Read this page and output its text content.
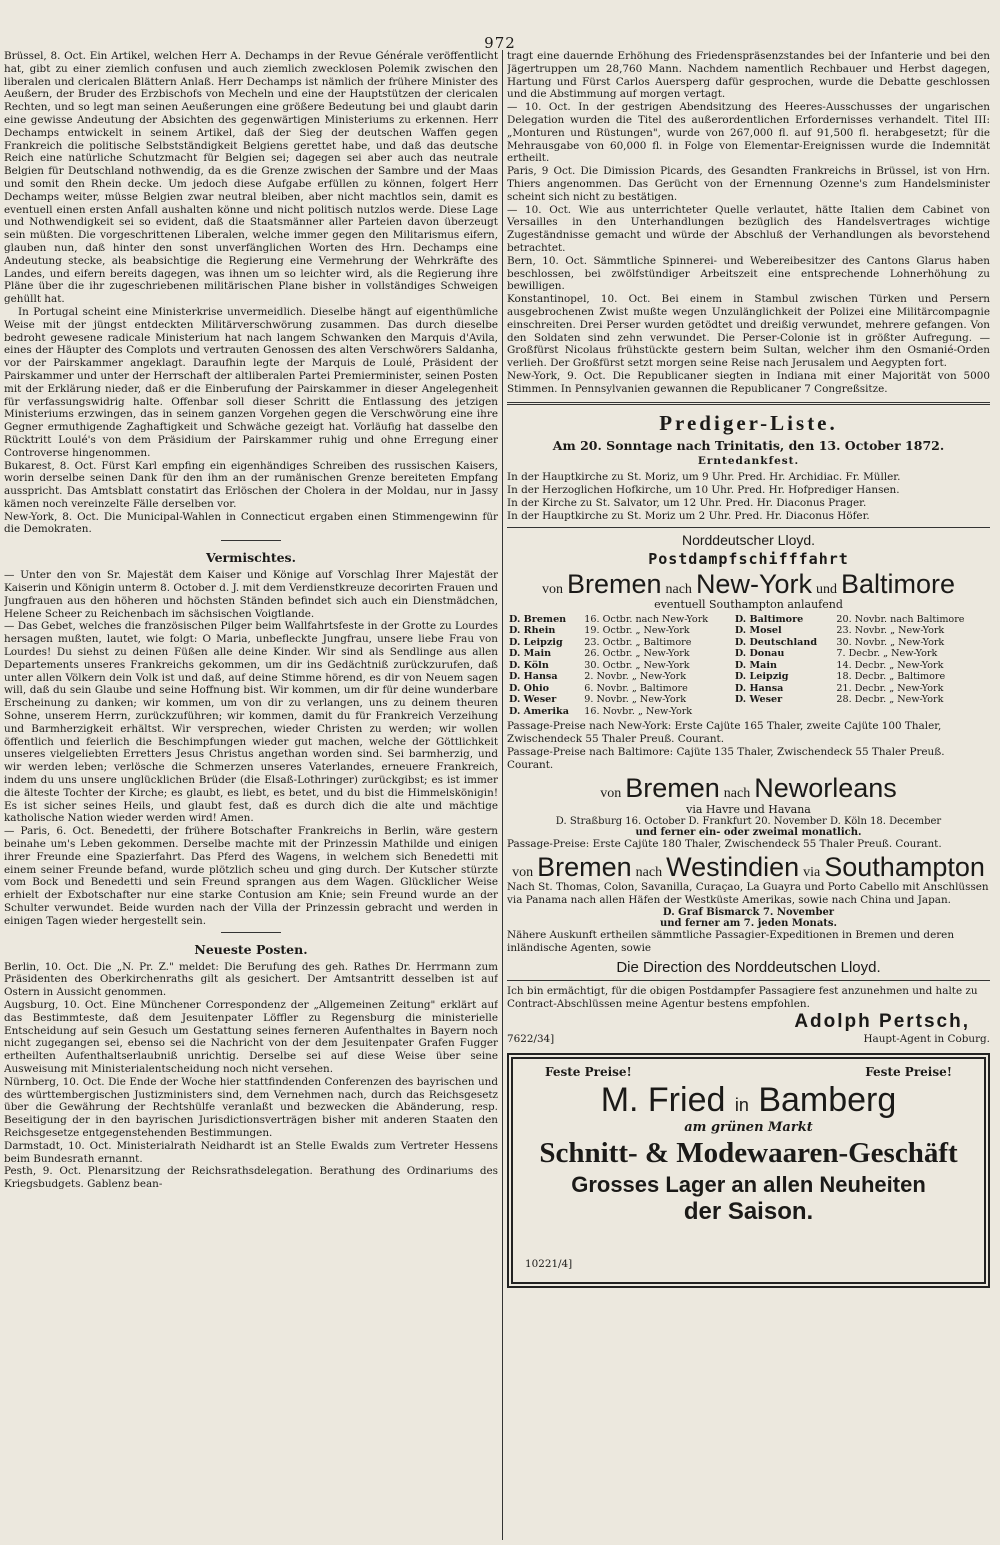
972

Brüssel, 8. Oct. Ein Artikel, welchen Herr A. Dechamps in der Revue Générale veröffentlicht hat, gibt zu einer ziemlich confusen und auch ziemlich zwecklosen Polemik zwischen den liberalen und clericalen Blättern Anlaß. Herr Dechamps ist nämlich der frühere Minister des Aeußern, der Bruder des Erzbischofs von Mecheln und eine der Hauptstützen der clericalen Rechten, und so legt man seinen Aeußerungen eine größere Bedeutung bei und glaubt darin eine gewisse Andeutung der Absichten des gegenwärtigen Ministeriums zu erkennen. Herr Dechamps entwickelt in seinem Artikel, daß der Sieg der deutschen Waffen gegen Frankreich die politische Selbstständigkeit Belgiens gerettet habe, und daß das deutsche Reich eine natürliche Schutzmacht für Belgien sei; dagegen sei aber auch das neutrale Belgien für Deutschland nothwendig, da es die Grenze zwischen der Sambre und der Maas und somit den Rhein decke. Um jedoch diese Aufgabe erfüllen zu können, folgert Herr Dechamps weiter, müsse Belgien zwar neutral bleiben, aber nicht machtlos sein, damit es eventuell einen ersten Anfall aushalten könne und nicht politisch nutzlos werde. Diese Lage und Nothwendigkeit sei so evident, daß die Staatsmänner aller Parteien davon überzeugt sein müßten. Die vorgeschrittenen Liberalen, welche immer gegen den Militarismus eifern, glauben nun, daß hinter den sonst unverfänglichen Worten des Hrn. Dechamps eine Andeutung stecke, als beabsichtige die Regierung eine Vermehrung der Wehrkräfte des Landes, und eifern bereits dagegen, was ihnen um so leichter wird, als die Regierung ihre Pläne über die ihr zugeschriebenen militärischen Plane bisher in vollständiges Schweigen gehüllt hat.

In Portugal scheint eine Ministerkrise unvermeidlich. Dieselbe hängt auf eigenthümliche Weise mit der jüngst entdeckten Militärverschwörung zusammen. Das durch dieselbe bedroht gewesene radicale Ministerium hat nach langem Schwanken den Marquis d'Avila, eines der Häupter des Complots und vertrauten Genossen des alten Verschwörers Saldanha, vor der Pairskammer angeklagt. Daraufhin legte der Marquis de Loulé, Präsident der Pairskammer und unter der Herrschaft der altliberalen Partei Premierminister, seinen Posten mit der Erklärung nieder, daß er die Einberufung der Pairskammer in dieser Angelegenheit für verfassungswidrig halte. Offenbar soll dieser Schritt die Entlassung des jetzigen Ministeriums erzwingen, das in seinem ganzen Vorgehen gegen die Verschwörung eine ihre Gegner ermuthigende Zaghaftigkeit und Schwäche gezeigt hat. Vorläufig hat dasselbe den Rücktritt Loulé's von dem Präsidium der Pairskammer ruhig und ohne Erregung einer Controverse hingenommen.

Bukarest, 8. Oct. Fürst Karl empfing ein eigenhändiges Schreiben des russischen Kaisers, worin derselbe seinen Dank für den ihm an der rumänischen Grenze bereiteten Empfang ausspricht. Das Amtsblatt constatirt das Erlöschen der Cholera in der Moldau, nur in Jassy kämen noch vereinzelte Fälle derselben vor.

New-York, 8. Oct. Die Municipal-Wahlen in Connecticut ergaben einen Stimmengewinn für die Demokraten.

Vermischtes.

— Unter den von Sr. Majestät dem Kaiser und Könige auf Vorschlag Ihrer Majestät der Kaiserin und Königin unterm 8. October d. J. mit dem Verdienstkreuze decorirten Frauen und Jungfrauen aus den höheren und höchsten Ständen befindet sich auch ein Dienstmädchen, Helene Scheer zu Reichenbach im sächsischen Voigtlande.

— Das Gebet, welches die französischen Pilger beim Wallfahrtsfeste in der Grotte zu Lourdes hersagen mußten, lautet, wie folgt: O Maria, unbefleckte Jungfrau, unsere liebe Frau von Lourdes! Du siehst zu deinen Füßen alle deine Kinder. Wir sind als Sendlinge aus allen Departements unseres Frankreichs gekommen, um dir ins Gedächtniß zurückzurufen, daß unter allen Völkern dein Volk ist und daß, auf deine Stimme hörend, es dir von Neuem sagen will, daß du sein Glaube und seine Hoffnung bist. Wir kommen, um dir für deine wunderbare Erscheinung zu danken; wir kommen, um von dir zu verlangen, uns zu deinem theuren Sohne, unserem Herrn, zurückzuführen; wir kommen, damit du für Frankreich Verzeihung und Barmherzigkeit erhältst. Wir versprechen, wieder Christen zu werden; wir wollen öffentlich und feierlich die Beschimpfungen wieder gut machen, welche der Göttlichkeit unseres vielgeliebten Erretters Jesus Christus angethan worden sind. Sei barmherzig, und wir werden leben; verlösche die Schmerzen unseres Vaterlandes, erneuere Frankreich, indem du uns unsere unglücklichen Brüder (die Elsaß-Lothringer) zurückgibst; es ist immer die älteste Tochter der Kirche; es glaubt, es liebt, es betet, und du bist die Himmelskönigin! Es ist sicher seines Heils, und glaubt fest, daß es durch dich die alte und mächtige katholische Nation wieder werden wird! Amen.

— Paris, 6. Oct. Benedetti, der frühere Botschafter Frankreichs in Berlin, wäre gestern beinahe um's Leben gekommen. Derselbe machte mit der Prinzessin Mathilde und einigen ihrer Freunde eine Spazierfahrt. Das Pferd des Wagens, in welchem sich Benedetti mit einem seiner Freunde befand, wurde plötzlich scheu und ging durch. Der Kutscher stürzte vom Bock und Benedetti und sein Freund sprangen aus dem Wagen. Glücklicher Weise erhielt der Exbotschafter nur eine starke Contusion am Knie; sein Freund wurde an der Schulter verwundet. Beide wurden nach der Villa der Prinzessin gebracht und werden in einigen Tagen wieder hergestellt sein.

Neueste Posten.

Berlin, 10. Oct. Die „N. Pr. Z." meldet: Die Berufung des geh. Rathes Dr. Herrmann zum Präsidenten des Oberkirchenraths gilt als gesichert. Der Amtsantritt desselben ist auf Ostern in Aussicht genommen.

Augsburg, 10. Oct. Eine Münchener Correspondenz der „Allgemeinen Zeitung" erklärt auf das Bestimmteste, daß dem Jesuitenpater Löffler zu Regensburg die ministerielle Entscheidung auf sein Gesuch um Gestattung seines ferneren Aufenthaltes in Bayern noch nicht zugegangen sei, ebenso sei die Nachricht von der dem Jesuitenpater Grafen Fugger ertheilten Aufenthaltserlaubniß unrichtig. Derselbe sei auf diese Weise über seine Ausweisung mit Ministerialentscheidung noch nicht versehen.

Nürnberg, 10. Oct. Die Ende der Woche hier stattfindenden Conferenzen des bayrischen und des württembergischen Justizministers sind, dem Vernehmen nach, durch das Reichsgesetz über die Gewährung der Rechtshülfe veranlaßt und bezwecken die Abänderung, resp. Beseitigung der in den bayrischen Jurisdictionsverträgen bisher mit anderen Staaten den Reichsgesetze entgegenstehenden Bestimmungen.

Darmstadt, 10. Oct. Ministerialrath Neidhardt ist an Stelle Ewalds zum Vertreter Hessens beim Bundesrath ernannt.

Pesth, 9. Oct. Plenarsitzung der Reichsrathsdelegation. Berathung des Ordinariums des Kriegsbudgets. Gablenz bean-

tragt eine dauernde Erhöhung des Friedenspräsenzstandes bei der Infanterie und bei den Jägertruppen um 28,760 Mann. Nachdem namentlich Rechbauer und Herbst dagegen, Hartung und Fürst Carlos Auersperg dafür gesprochen, wurde die Debatte geschlossen und die Abstimmung auf morgen vertagt.

— 10. Oct. In der gestrigen Abendsitzung des Heeres-Ausschusses der ungarischen Delegation wurden die Titel des außerordentlichen Erfordernisses verhandelt. Titel III: „Monturen und Rüstungen", wurde von 267,000 fl. auf 91,500 fl. herabgesetzt; für die Mehrausgabe von 60,000 fl. in Folge von Elementar-Ereignissen wurde die Indemnität ertheilt.

Paris, 9 Oct. Die Dimission Picards, des Gesandten Frankreichs in Brüssel, ist von Hrn. Thiers angenommen. Das Gerücht von der Ernennung Ozenne's zum Handelsminister scheint sich nicht zu bestätigen.

— 10. Oct. Wie aus unterrichteter Quelle verlautet, hätte Italien dem Cabinet von Versailles in den Unterhandlungen bezüglich des Handelsvertrages wichtige Zugeständnisse gemacht und würde der Abschluß der Verhandlungen als bevorstehend betrachtet.

Bern, 10. Oct. Sämmtliche Spinnerei- und Webereibesitzer des Cantons Glarus haben beschlossen, bei zwölfstündiger Arbeitszeit eine entsprechende Lohnerhöhung zu bewilligen.

Konstantinopel, 10. Oct. Bei einem in Stambul zwischen Türken und Persern ausgebrochenen Zwist mußte wegen Unzulänglichkeit der Polizei eine Militärcompagnie einschreiten. Drei Perser wurden getödtet und dreißig verwundet, mehrere gefangen. Von den Soldaten sind zehn verwundet. Die Perser-Colonie ist in größter Aufregung. — Großfürst Nicolaus frühstückte gestern beim Sultan, welcher ihm den Osmanié-Orden verlieh. Der Großfürst setzt morgen seine Reise nach Jerusalem und Aegypten fort.

New-York, 9. Oct. Die Republicaner siegten in Indiana mit einer Majorität von 5000 Stimmen. In Pennsylvanien gewannen die Republicaner 7 Congreßsitze.

Prediger-Liste.
Am 20. Sonntage nach Trinitatis, den 13. October 1872.
Erntedankfest.
In der Hauptkirche zu St. Moriz, um 9 Uhr. Pred. Hr. Archidiac. Fr. Müller.
In der Herzoglichen Hofkirche, um 10 Uhr. Pred. Hr. Hofprediger Hansen.
In der Kirche zu St. Salvator, um 12 Uhr. Pred. Hr. Diaconus Prager.
In der Hauptkirche zu St. Moriz um 2 Uhr. Pred. Hr. Diaconus Höfer.
Norddeutscher Lloyd.
Postdampfschifffahrt
von Bremen nach New-York und Baltimore
eventuell Southampton anlaufend
D. Bremen	16. Octbr. nach New-York	D. Baltimore	20. Novbr. nach Baltimore
D. Rhein	19. Octbr. „ New-York	D. Mosel	23. Novbr. „ New-York
D. Leipzig	23. Octbr. „ Baltimore	D. Deutschland	30. Novbr. „ New-York
D. Main	26. Octbr. „ New-York	D. Donau	7. Decbr. „ New-York
D. Köln	30. Octbr. „ New-York	D. Main	14. Decbr. „ New-York
D. Hansa	2. Novbr. „ New-York	D. Leipzig	18. Decbr. „ Baltimore
D. Ohio	6. Novbr. „ Baltimore	D. Hansa	21. Decbr. „ New-York
D. Weser	9. Novbr. „ New-York	D. Weser	28. Decbr. „ New-York
D. Amerika	16. Novbr. „ New-York		
Passage-Preise nach New-York: Erste Cajüte 165 Thaler, zweite Cajüte 100 Thaler, Zwischendeck 55 Thaler Preuß. Courant.
Passage-Preise nach Baltimore: Cajüte 135 Thaler, Zwischendeck 55 Thaler Preuß. Courant.
von Bremen nach Neworleans
via Havre und Havana
D. Straßburg 16. October D. Frankfurt 20. November D. Köln 18. December
und ferner ein- oder zweimal monatlich.
Passage-Preise: Erste Cajüte 180 Thaler, Zwischendeck 55 Thaler Preuß. Courant.
von Bremen nach Westindien via Southampton
Nach St. Thomas, Colon, Savanilla, Curaçao, La Guayra und Porto Cabello mit Anschlüssen via Panama nach allen Häfen der Westküste Amerikas, sowie nach China und Japan.
D. Graf Bismarck 7. November
und ferner am 7. jeden Monats.
Nähere Auskunft ertheilen sämmtliche Passagier-Expeditionen in Bremen und deren inländische Agenten, sowie
Die Direction des Norddeutschen Lloyd.
Ich bin ermächtigt, für die obigen Postdampfer Passagiere fest anzunehmen und halte zu Contract-Abschlüssen meine Agentur bestens empfohlen.
Adolph Pertsch,
7622/34]	Haupt-Agent in Coburg.
Feste Preise!	Feste Preise!
M. Fried in Bamberg
am grünen Markt
Schnitt- & Modewaaren-Geschäft
Grosses Lager an allen Neuheiten
der Saison.
10221/4]
